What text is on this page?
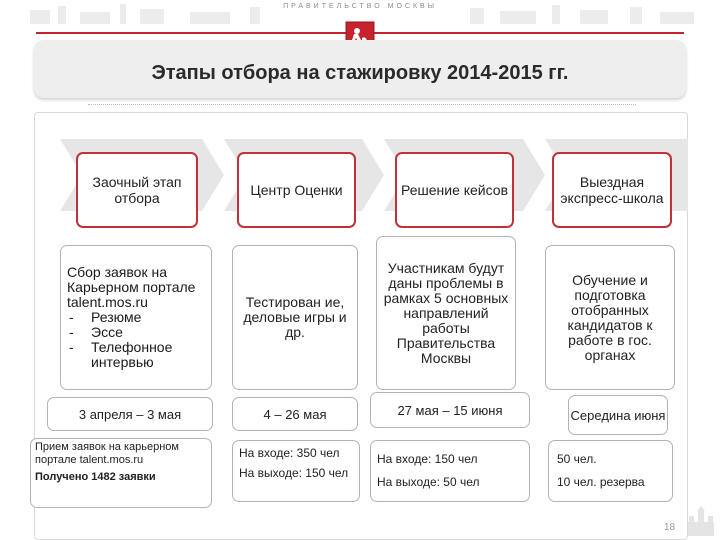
ПРАВИТЕЛЬСТВО МОСКВЫ
Этапы отбора на стажировку 2014-2015 гг.
Заочный этап отбора	Центр Оценки	Решение кейсов	Выездная экспресс-школа
Сбор заявок на Карьерном портале talent.mos.ru
- Резюме
- Эссе
- Телефонное интервью
Тестирован ие, деловые игры и др.
Участникам будут даны проблемы в рамках 5 основных направлений работы Правительства Москвы
Обучение и подготовка отобранных кандидатов к работе в гос. органах
3 апреля – 3 мая	4 – 26 мая	27 мая – 15 июня	Середина июня
Прием заявок на карьерном портале talent.mos.ru
Получено 1482 заявки
На входе: 350 чел
На выходе: 150 чел
На входе: 150 чел
На выходе: 50 чел
50 чел.
10 чел. резерва
18
